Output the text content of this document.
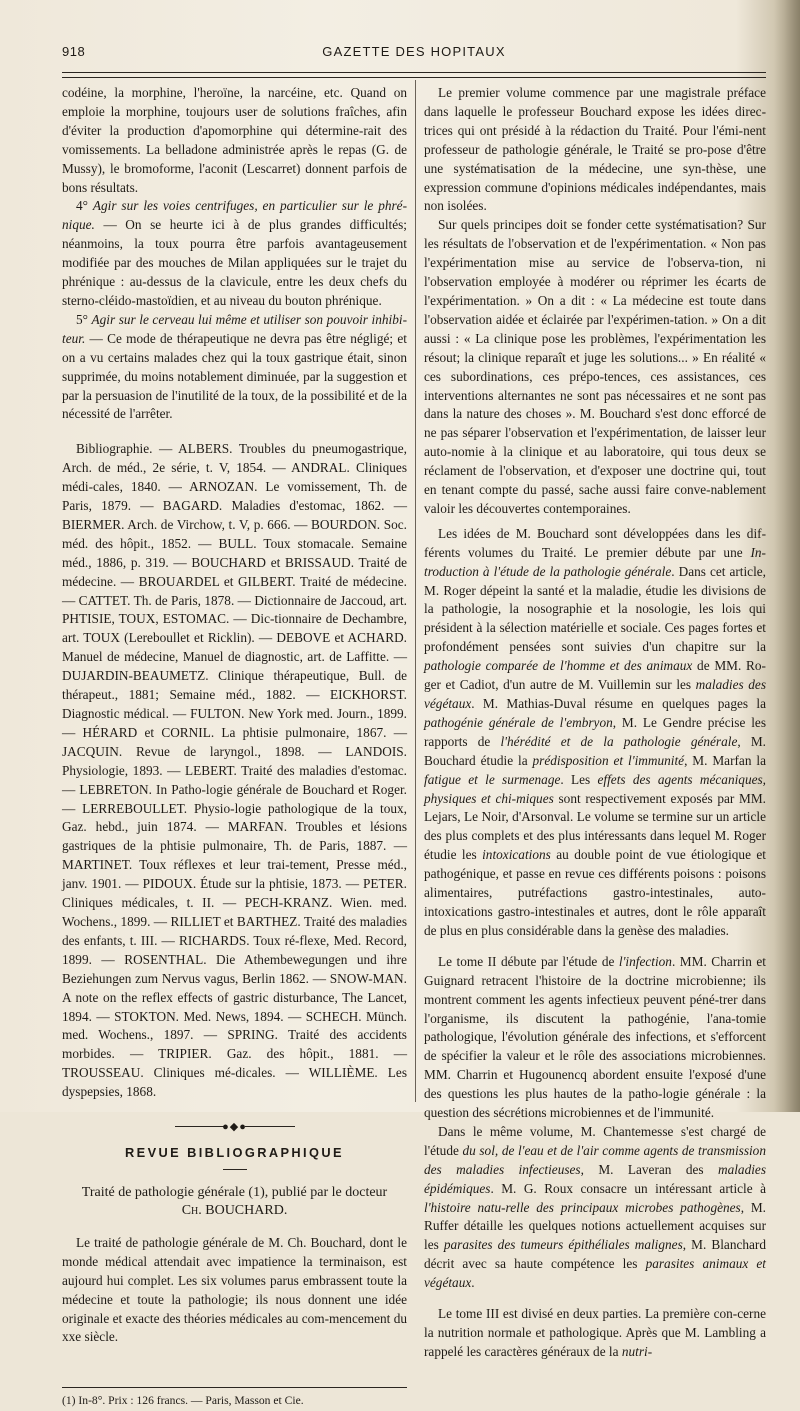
918	GAZETTE DES HOPITAUX

codéine, la morphine, l'heroïne, la narcéine, etc. Quand on emploie la morphine, toujours user de solutions fraîches, afin d'éviter la production d'apomorphine qui détermine-rait des vomissements. La belladone administrée après le repas (G. de Mussy), le bromoforme, l'aconit (Lescarret) donnent parfois de bons résultats.

4° Agir sur les voies centrifuges, en particulier sur le phré-nique. — On se heurte ici à de plus grandes difficultés; néanmoins, la toux pourra être parfois avantageusement modifiée par des mouches de Milan appliquées sur le trajet du phrénique : au-dessus de la clavicule, entre les deux chefs du sterno-cléido-mastoïdien, et au niveau du bouton phrénique.

5° Agir sur le cerveau lui même et utiliser son pouvoir inhibi-teur. — Ce mode de thérapeutique ne devra pas être négligé; et on a vu certains malades chez qui la toux gastrique était, sinon supprimée, du moins notablement diminuée, par la suggestion et par la persuasion de l'inutilité de la toux, de la possibilité et de la nécessité de l'arrêter.

Bibliographie. — ALBERS. Troubles du pneumogastrique, Arch. de méd., 2e série, t. V, 1854. — ANDRAL. Cliniques médi-cales, 1840. — ARNOZAN. Le vomissement, Th. de Paris, 1879. — BAGARD. Maladies d'estomac, 1862. — BIERMER. Arch. de Virchow, t. V, p. 666. — BOURDON. Soc. méd. des hôpit., 1852. — BULL. Toux stomacale. Semaine méd., 1886, p. 319. — BOUCHARD et BRISSAUD. Traité de médecine. — BROUARDEL et GILBERT. Traité de médecine. — CATTET. Th. de Paris, 1878. — Dictionnaire de Jaccoud, art. PHTISIE, TOUX, ESTOMAC. — Dic-tionnaire de Dechambre, art. TOUX (Lereboullet et Ricklin). — DEBOVE et ACHARD. Manuel de médecine, Manuel de diagnostic, art. de Laffitte. — DUJARDIN-BEAUMETZ. Clinique thérapeutique, Bull. de thérapeut., 1881; Semaine méd., 1882. — EICKHORST. Diagnostic médical. — FULTON. New York med. Journ., 1899. — HÉRARD et CORNIL. La phtisie pulmonaire, 1867. — JACQUIN. Revue de laryngol., 1898. — LANDOIS. Physiologie, 1893. — LEBERT. Traité des maladies d'estomac. — LEBRETON. In Patho-logie générale de Bouchard et Roger. — LERREBOULLET. Physio-logie pathologique de la toux, Gaz. hebd., juin 1874. — MARFAN. Troubles et lésions gastriques de la phtisie pulmonaire, Th. de Paris, 1887. — MARTINET. Toux réflexes et leur trai-tement, Presse méd., janv. 1901. — PIDOUX. Étude sur la phtisie, 1873. — PETER. Cliniques médicales, t. II. — PECH-KRANZ. Wien. med. Wochens., 1899. — RILLIET et BARTHEZ. Traité des maladies des enfants, t. III. — RICHARDS. Toux ré-flexe, Med. Record, 1899. — ROSENTHAL. Die Athembewegungen und ihre Beziehungen zum Nervus vagus, Berlin 1862. — SNOW-MAN. A note on the reflex effects of gastric disturbance, The Lancet, 1894. — STOKTON. Med. News, 1894. — SCHECH. Münch. med. Wochens., 1897. — SPRING. Traité des accidents morbides. — TRIPIER. Gaz. des hôpit., 1881. — TROUSSEAU. Cliniques mé-dicales. — WILLIÈME. Les dyspepsies, 1868.

●◆●
REVUE BIBLIOGRAPHIQUE
Traité de pathologie générale (1), publié par le docteur
Ch. BOUCHARD.

Le traité de pathologie générale de M. Ch. Bouchard, dont le monde médical attendait avec impatience la terminaison, est aujourd hui complet. Les six volumes parus embrassent toute la médecine et toute la pathologie; ils nous donnent une idée originale et exacte des théories médicales au com-mencement du xxe siècle.

(1) In-8°. Prix : 126 francs. — Paris, Masson et Cie.

Le premier volume commence par une magistrale préface dans laquelle le professeur Bouchard expose les idées direc-trices qui ont présidé à la rédaction du Traité. Pour l'émi-nent professeur de pathologie générale, le Traité se pro-pose d'être une systématisation de la médecine, une syn-thèse, une expression commune d'opinions médicales indépendantes, mais non isolées.

Sur quels principes doit se fonder cette systématisation? Sur les résultats de l'observation et de l'expérimentation. « Non pas l'expérimentation mise au service de l'observa-tion, ni l'observation employée à modérer ou réprimer les écarts de l'expérimentation. » On a dit : « La médecine est toute dans l'observation aidée et éclairée par l'expérimen-tation. » On a dit aussi : « La clinique pose les problèmes, l'expérimentation les résout; la clinique reparaît et juge les solutions... » En réalité « ces subordinations, ces prépo-tences, ces assistances, ces interventions alternantes ne sont pas nécessaires et ne sont pas dans la nature des choses ». M. Bouchard s'est donc efforcé de ne pas séparer l'observation et l'expérimentation, de laisser leur auto-nomie à la clinique et au laboratoire, qui tous deux se réclament de l'observation, et d'exposer une doctrine qui, tout en tenant compte du passé, sache aussi faire conve-nablement valoir les découvertes contemporaines.

Les idées de M. Bouchard sont développées dans les dif-férents volumes du Traité. Le premier débute par une In-troduction à l'étude de la pathologie générale. Dans cet article, M. Roger dépeint la santé et la maladie, étudie les divisions de la pathologie, la nosographie et la nosologie, les lois qui président à la sélection matérielle et sociale. Ces pages fortes et profondément pensées sont suivies d'un chapitre sur la pathologie comparée de l'homme et des animaux de MM. Ro-ger et Cadiot, d'un autre de M. Vuillemin sur les maladies des végétaux. M. Mathias-Duval résume en quelques pages la pathogénie générale de l'embryon, M. Le Gendre précise les rapports de l'hérédité et de la pathologie générale, M. Bouchard étudie la prédisposition et l'immunité, M. Marfan la fatigue et le surmenage. Les effets des agents mécaniques, physiques et chi-miques sont respectivement exposés par MM. Lejars, Le Noir, d'Arsonval. Le volume se termine sur un article des plus complets et des plus intéressants dans lequel M. Roger étudie les intoxications au double point de vue étiologique et pathogénique, et passe en revue ces différents poisons : poisons alimentaires, putréfactions gastro-intestinales, auto-intoxications gastro-intestinales et autres, dont le rôle apparaît de plus en plus considérable dans la genèse des maladies.

Le tome II débute par l'étude de l'infection. MM. Charrin et Guignard retracent l'histoire de la doctrine microbienne; ils montrent comment les agents infectieux peuvent péné-trer dans l'organisme, ils discutent la pathogénie, l'ana-tomie pathologique, l'évolution générale des infections, et s'efforcent de spécifier la valeur et le rôle des associations microbiennes. MM. Charrin et Hugounencq abordent ensuite l'exposé d'une des questions les plus hautes de la patho-logie générale : la question des sécrétions microbiennes et de l'immunité.

Dans le même volume, M. Chantemesse s'est chargé de l'étude du sol, de l'eau et de l'air comme agents de transmission des maladies infectieuses, M. Laveran des maladies épidémiques. M. G. Roux consacre un intéressant article à l'histoire natu-relle des principaux microbes pathogènes, M. Ruffer détaille les quelques notions actuellement acquises sur les parasites des tumeurs épithéliales malignes, M. Blanchard décrit avec sa haute compétence les parasites animaux et végétaux.

Le tome III est divisé en deux parties. La première con-cerne la nutrition normale et pathologique. Après que M. Lambling a rappelé les caractères généraux de la nutri-
